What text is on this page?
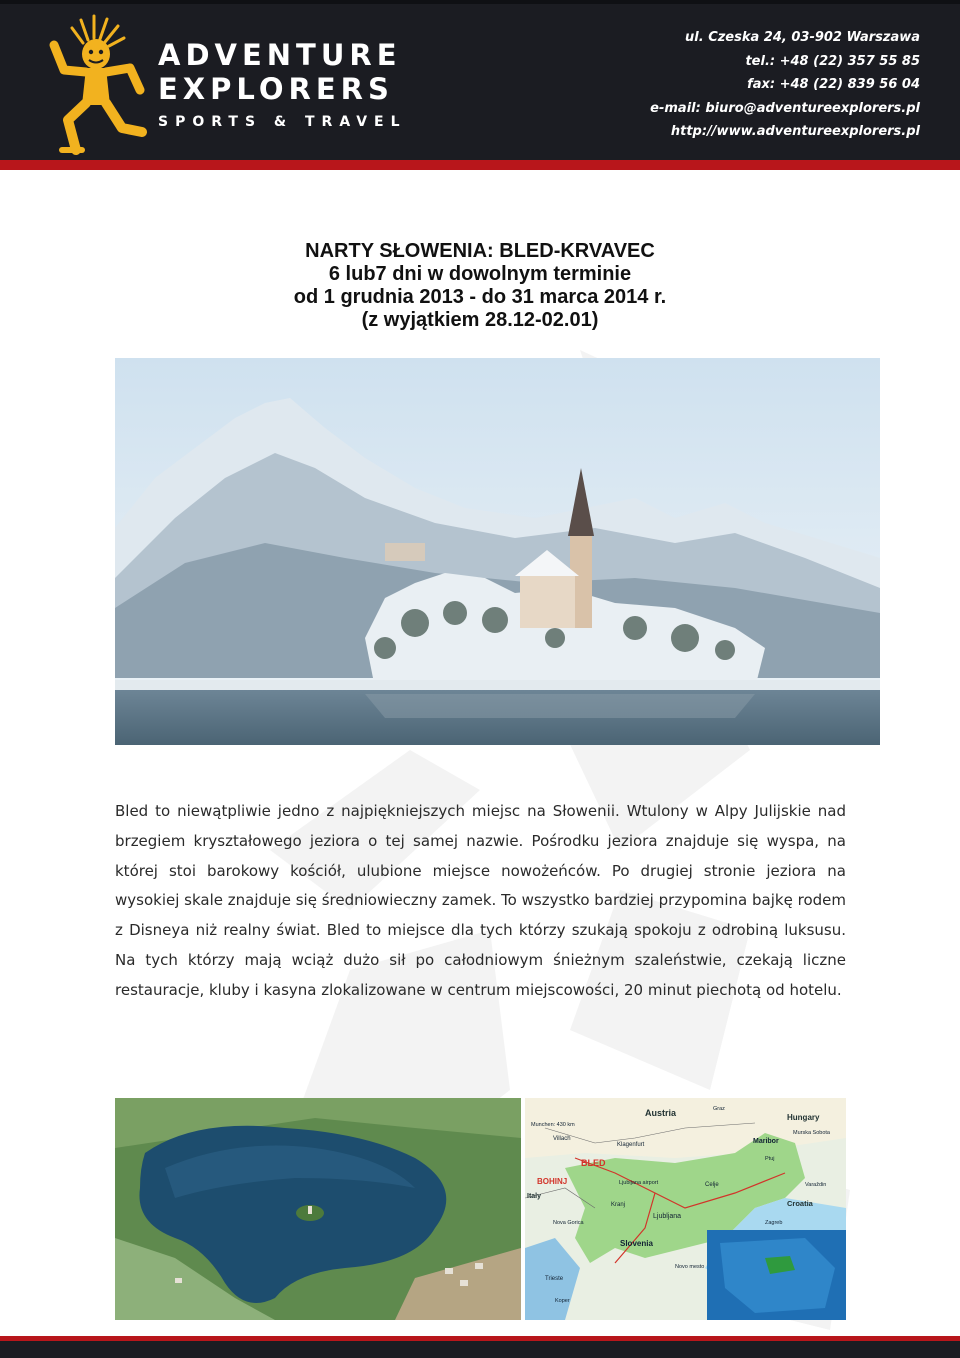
ADVENTURE
EXPLORERS
SPORTS & TRAVEL
ul. Czeska 24, 03-902 Warszawa
tel.: +48 (22) 357 55 85
fax: +48 (22) 839 56 04
e-mail: biuro@adventureexplorers.pl
http://www.adventureexplorers.pl
NARTY SŁOWENIA: BLED-KRVAVEC
6 lub7 dni w dowolnym terminie
od 1 grudnia 2013 - do 31 marca 2014 r.
(z wyjątkiem 28.12-02.01)
Bled to niewątpliwie jedno z najpiękniejszych miejsc na Słowenii. Wtulony w Alpy Julijskie nad brzegiem kryształowego jeziora o tej samej nazwie. Pośrodku jeziora znajduje się wyspa, na której stoi barokowy kościół, ulubione miejsce nowożeńców. Po drugiej stronie jeziora na wysokiej skale znajduje się średniowieczny zamek. To wszystko bardziej przypomina bajkę rodem z Disneya niż realny świat. Bled to miejsce dla tych którzy szukają spokoju z odrobiną luksusu. Na tych którzy mają wciąż dużo sił po całodniowym śnieżnym szaleństwie, czekają liczne restauracje, kluby i kasyna zlokalizowane w centrum miejscowości, 20 minut piechotą od hotelu.
Austria	Hungary
Croatia
Slovenia
Italy
BLED
BOHINJ
Ljubljana
Maribor
Klagenfurt
Villach
Ljubljana airport
Trieste
Celje
Kranj
Novo mesto
Nova Gorica
Koper
Murska Sobota
Ptuj
Zagreb
Varaždin
Graz
Munchen: 430 km
